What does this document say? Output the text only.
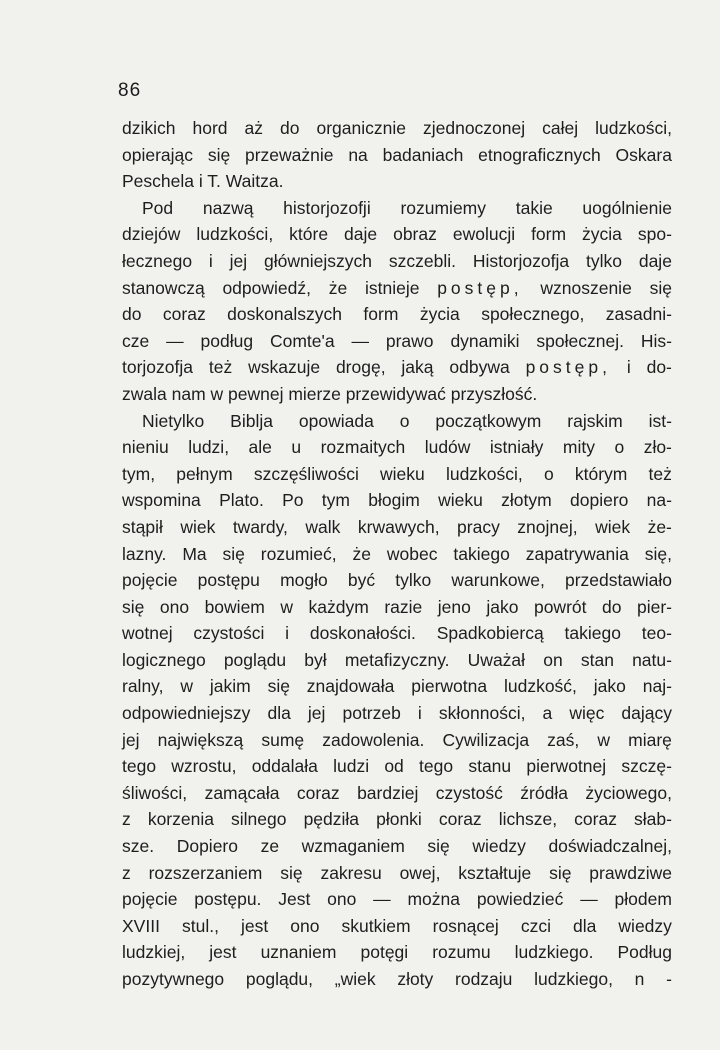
86
dzikich hord aż do organicznie zjednoczonej całej ludzkości,
opierając się przeważnie na badaniach etnograficznych Oskara
Peschela i T. Waitza.
Pod nazwą historjozofji rozumiemy takie uogólnienie
dziejów ludzkości, które daje obraz ewolucji form życia spo-
łecznego i jej główniejszych szczebli. Historjozofja tylko daje
stanowczą odpowiedź, że istnieje postęp, wznoszenie się
do coraz doskonalszych form życia społecznego, zasadni-
cze — podług Comte'a — prawo dynamiki społecznej. His-
torjozofja też wskazuje drogę, jaką odbywa postęp, i do-
zwala nam w pewnej mierze przewidywać przyszłość.
Nietylko Biblja opowiada o początkowym rajskim ist-
nieniu ludzi, ale u rozmaitych ludów istniały mity o zło-
tym, pełnym szczęśliwości wieku ludzkości, o którym też
wspomina Plato. Po tym błogim wieku złotym dopiero na-
stąpił wiek twardy, walk krwawych, pracy znojnej, wiek że-
lazny. Ma się rozumieć, że wobec takiego zapatrywania się,
pojęcie postępu mogło być tylko warunkowe, przedstawiało
się ono bowiem w każdym razie jeno jako powrót do pier-
wotnej czystości i doskonałości. Spadkobiercą takiego teo-
logicznego poglądu był metafizyczny. Uważał on stan natu-
ralny, w jakim się znajdowała pierwotna ludzkość, jako naj-
odpowiedniejszy dla jej potrzeb i skłonności, a więc dający
jej największą sumę zadowolenia. Cywilizacja zaś, w miarę
tego wzrostu, oddalała ludzi od tego stanu pierwotnej szczę-
śliwości, zamącała coraz bardziej czystość źródła życiowego,
z korzenia silnego pędziła płonki coraz lichsze, coraz słab-
sze. Dopiero ze wzmaganiem się wiedzy doświadczalnej,
z rozszerzaniem się zakresu owej, kształtuje się prawdziwe
pojęcie postępu. Jest ono — można powiedzieć — płodem
XVIII stul., jest ono skutkiem rosnącej czci dla wiedzy
ludzkiej, jest uznaniem potęgi rozumu ludzkiego. Podług
pozytywnego poglądu, „wiek złoty rodzaju ludzkiego, n -
